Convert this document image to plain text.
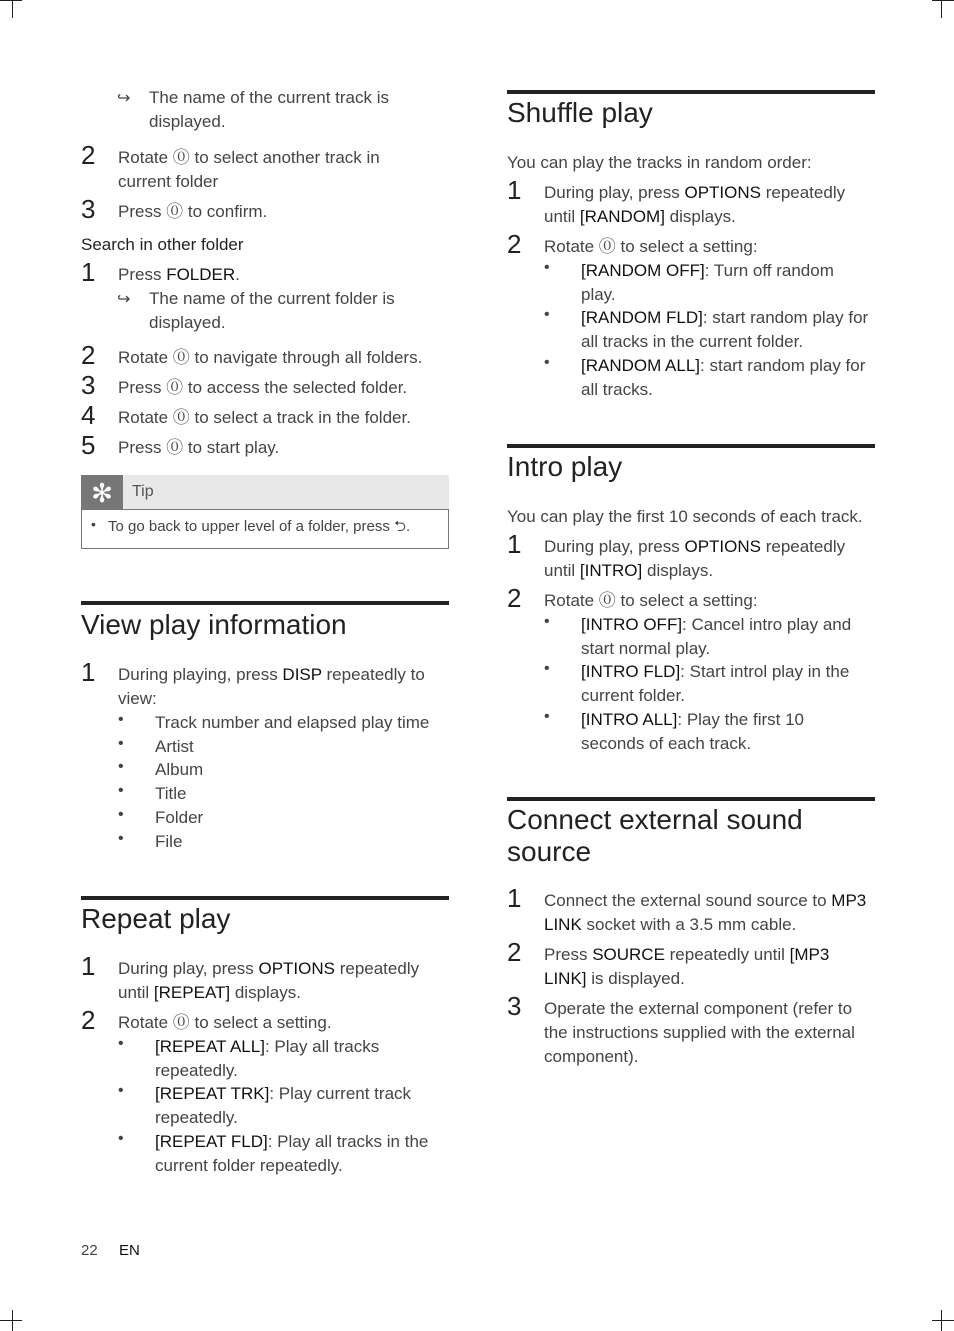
↪ The name of the current track is displayed.
2 Rotate ⓪ to select another track in current folder
3 Press ⓪ to confirm.
Search in other folder
1 Press FOLDER.
↪ The name of the current folder is displayed.
2 Rotate ⓪ to navigate through all folders.
3 Press ⓪ to access the selected folder.
4 Rotate ⓪ to select a track in the folder.
5 Press ⓪ to start play.
✻	Tip
• To go back to upper level of a folder, press ⮌.
View play information
1 During playing, press DISP repeatedly to view:
• Track number and elapsed play time
• Artist
• Album
• Title
• Folder
• File
Repeat play
1 During play, press OPTIONS repeatedly until [REPEAT] displays.
2 Rotate ⓪ to select a setting.
• [REPEAT ALL]: Play all tracks repeatedly.
• [REPEAT TRK]: Play current track repeatedly.
• [REPEAT FLD]: Play all tracks in the current folder repeatedly.
22 EN
Shuffle play
You can play the tracks in random order:
1 During play, press OPTIONS repeatedly until [RANDOM] displays.
2 Rotate ⓪ to select a setting:
• [RANDOM OFF]: Turn off random play.
• [RANDOM FLD]: start random play for all tracks in the current folder.
• [RANDOM ALL]: start random play for all tracks.
Intro play
You can play the first 10 seconds of each track.
1 During play, press OPTIONS repeatedly until [INTRO] displays.
2 Rotate ⓪ to select a setting:
• [INTRO OFF]: Cancel intro play and start normal play.
• [INTRO FLD]: Start introl play in the current folder.
• [INTRO ALL]: Play the first 10 seconds of each track.
Connect external sound source
1 Connect the external sound source to MP3 LINK socket with a 3.5 mm cable.
2 Press SOURCE repeatedly until [MP3 LINK] is displayed.
3 Operate the external component (refer to the instructions supplied with the external component).
